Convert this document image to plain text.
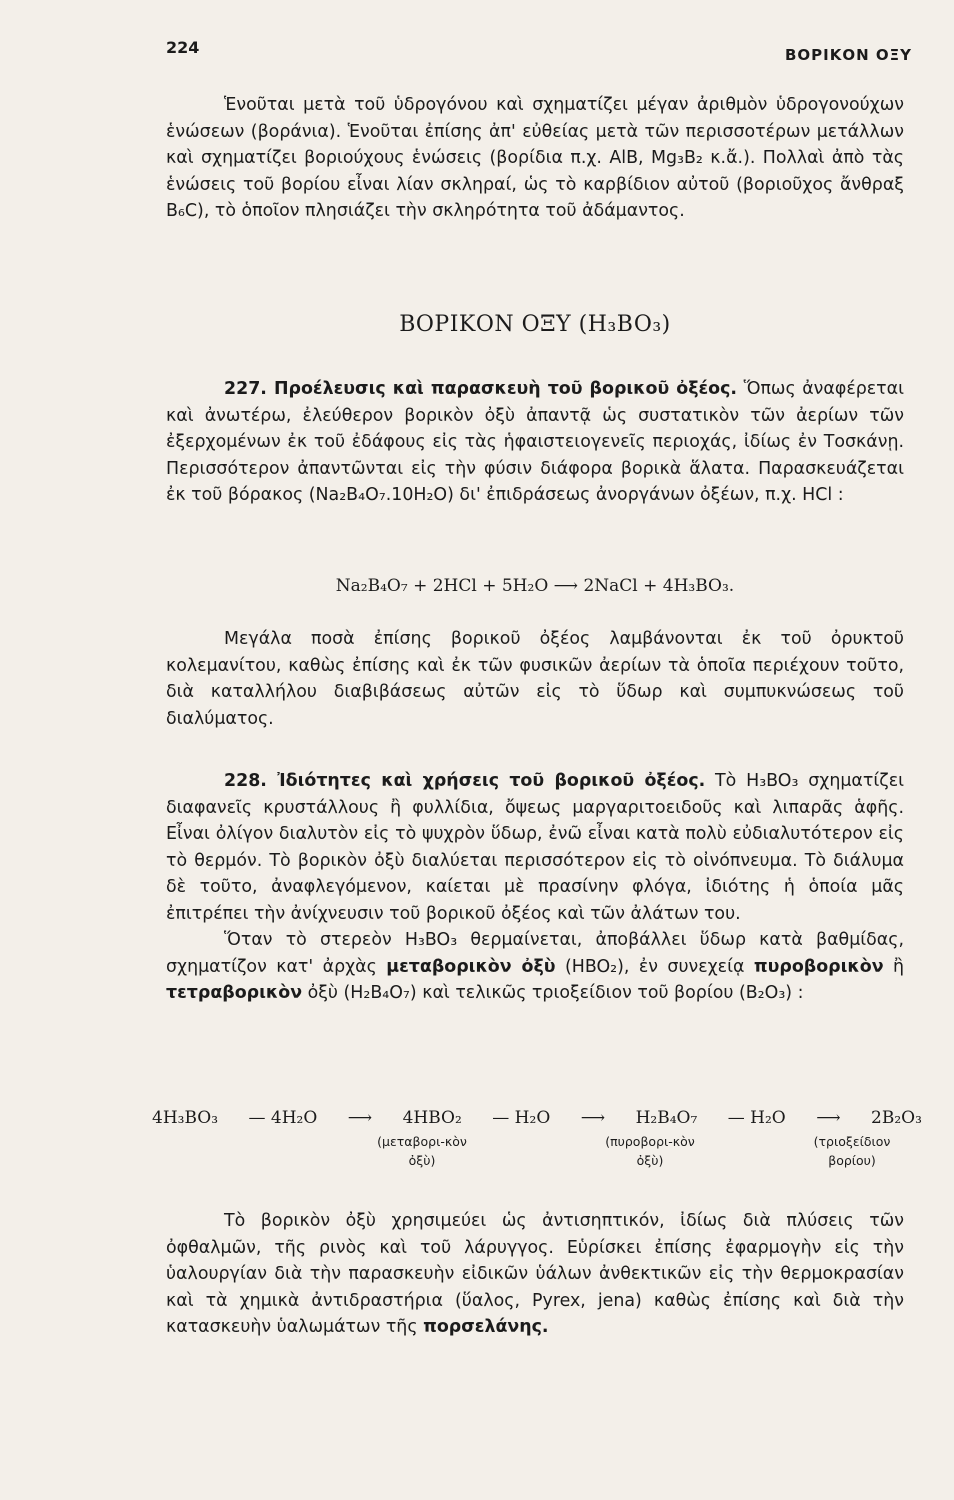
224	ΒΟΡΙΚΟΝ ΟΞΥ

Ἑνοῦται μετὰ τοῦ ὑδρογόνου καὶ σχηματίζει μέγαν ἀριθμὸν ὑδρογονούχων ἑνώσεων (βοράνια). Ἑνοῦται ἐπίσης ἀπ' εὐθείας μετὰ τῶν περισσοτέρων μετάλλων καὶ σχηματίζει βοριούχους ἑνώσεις (βορίδια π.χ. AlB, Mg₃B₂ κ.ἄ.). Πολλαὶ ἀπὸ τὰς ἑνώσεις τοῦ βορίου εἶναι λίαν σκληραί, ὡς τὸ καρβίδιον αὐτοῦ (βοριοῦχος ἄνθραξ B₆C), τὸ ὁποῖον πλησιάζει τὴν σκληρότητα τοῦ ἀδάμαντος.

ΒΟΡΙΚΟΝ ΟΞΥ (H₃BO₃)

227. Προέλευσις καὶ παρασκευὴ τοῦ βορικοῦ ὀξέος. Ὅπως ἀναφέρεται καὶ ἀνωτέρω, ἐλεύθερον βορικὸν ὀξὺ ἀπαντᾷ ὡς συστατικὸν τῶν ἀερίων τῶν ἐξερχομένων ἐκ τοῦ ἐδάφους εἰς τὰς ἡφαιστειογενεῖς περιοχάς, ἰδίως ἐν Τοσκάνῃ. Περισσότερον ἀπαντῶνται εἰς τὴν φύσιν διάφορα βορικὰ ἅλατα. Παρασκευάζεται ἐκ τοῦ βόρακος (Na₂B₄O₇.10H₂O) δι' ἐπιδράσεως ἀνοργάνων ὀξέων, π.χ. HCl :

Na₂B₄O₇ + 2HCl + 5H₂O ⟶ 2NaCl + 4H₃BO₃.

Μεγάλα ποσὰ ἐπίσης βορικοῦ ὀξέος λαμβάνονται ἐκ τοῦ ὀρυκτοῦ κολεμανίτου, καθὼς ἐπίσης καὶ ἐκ τῶν φυσικῶν ἀερίων τὰ ὁποῖα περιέχουν τοῦτο, διὰ καταλλήλου διαβιβάσεως αὐτῶν εἰς τὸ ὕδωρ καὶ συμπυκνώσεως τοῦ διαλύματος.

228. Ἰδιότητες καὶ χρήσεις τοῦ βορικοῦ ὀξέος. Τὸ H₃BO₃ σχηματίζει διαφανεῖς κρυστάλλους ἢ φυλλίδια, ὄψεως μαργαριτοειδοῦς καὶ λιπαρᾶς ἁφῆς. Εἶναι ὀλίγον διαλυτὸν εἰς τὸ ψυχρὸν ὕδωρ, ἐνῶ εἶναι κατὰ πολὺ εὐδιαλυτότερον εἰς τὸ θερμόν. Τὸ βορικὸν ὀξὺ διαλύεται περισσότερον εἰς τὸ οἰνόπνευμα. Τὸ διάλυμα δὲ τοῦτο, ἀναφλεγόμενον, καίεται μὲ πρασίνην φλόγα, ἰδιότης ἡ ὁποία μᾶς ἐπιτρέπει τὴν ἀνίχνευσιν τοῦ βορικοῦ ὀξέος καὶ τῶν ἀλάτων του.

Ὅταν τὸ στερεὸν H₃BO₃ θερμαίνεται, ἀποβάλλει ὕδωρ κατὰ βαθμίδας, σχηματίζον κατ' ἀρχὰς μεταβορικὸν ὀξὺ (HBO₂), ἐν συνεχείᾳ πυροβορικὸν ἢ τετραβορικὸν ὀξὺ (H₂B₄O₇) καὶ τελικῶς τριοξείδιον τοῦ βορίου (B₂O₃) :

4H₃BO₃ — 4H₂O ⟶ 4HBO₂ — H₂O ⟶ H₂B₄O₇ — H₂O ⟶ 2B₂O₃
(μεταβορι-κὸν ὀξὺ)
(πυροβορι-κὸν ὀξὺ)
(τριοξείδιον βορίου)

Τὸ βορικὸν ὀξὺ χρησιμεύει ὡς ἀντισηπτικόν, ἰδίως διὰ πλύσεις τῶν ὀφθαλμῶν, τῆς ρινὸς καὶ τοῦ λάρυγγος. Εὑρίσκει ἐπίσης ἐφαρμογὴν εἰς τὴν ὑαλουργίαν διὰ τὴν παρασκευὴν εἰδικῶν ὑάλων ἀνθεκτικῶν εἰς τὴν θερμοκρασίαν καὶ τὰ χημικὰ ἀντιδραστήρια (ὕαλος, Pyrex, jena) καθὼς ἐπίσης καὶ διὰ τὴν κατασκευὴν ὑαλωμάτων τῆς πορσελάνης.
